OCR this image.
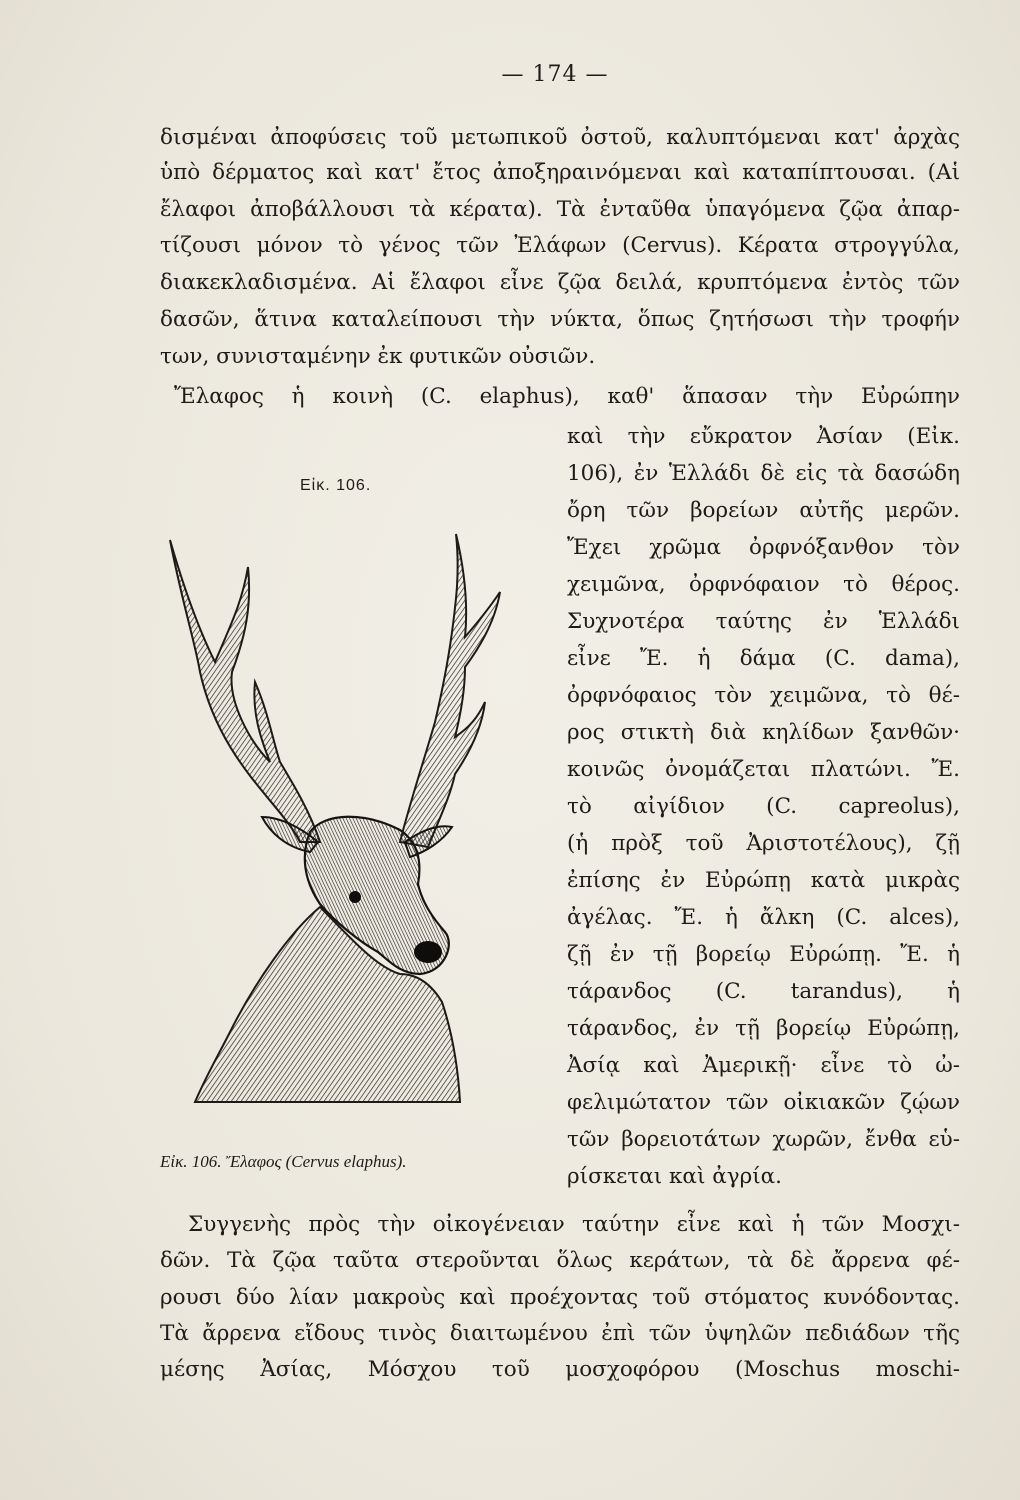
— 174 —
δισμέναι ἀποφύσεις τοῦ μετωπικοῦ ὀστοῦ, καλυπτόμεναι κατ' ἀρχὰς
ὑπὸ δέρματος καὶ κατ' ἔτος ἀποξηραινόμεναι καὶ καταπίπτουσαι. (Αἱ
ἔλαφοι ἀποβάλλουσι τὰ κέρατα). Τὰ ἐνταῦθα ὑπαγόμενα ζῷα ἀπαρ-
τίζουσι μόνον τὸ γένος τῶν Ἐλάφων (Cervus). Κέρατα στρογγύλα,
διακεκλαδισμένα. Αἱ ἔλαφοι εἶνε ζῷα δειλά, κρυπτόμενα ἐντὸς τῶν
δασῶν, ἅτινα καταλείπουσι τὴν νύκτα, ὅπως ζητήσωσι τὴν τροφήν
των, συνισταμένην ἐκ φυτικῶν οὐσιῶν.
Ἔλαφος ἡ κοινὴ (C. elaphus), καθ' ἅπασαν τὴν Εὐρώπην
Εἰκ. 106.
Εἰκ. 106. Ἔλαφος (Cervus elaphus).
καὶ τὴν εὔκρατον Ἀσίαν (Εἰκ.
106), ἐν Ἑλλάδι δὲ εἰς τὰ δασώδη
ὄρη τῶν βορείων αὐτῆς μερῶν.
Ἔχει χρῶμα ὀρφνόξανθον τὸν
χειμῶνα, ὀρφνόφαιον τὸ θέρος.
Συχνοτέρα ταύτης ἐν Ἑλλάδι
εἶνε Ἔ. ἡ δάμα (C. dama),
ὀρφνόφαιος τὸν χειμῶνα, τὸ θέ-
ρος στικτὴ διὰ κηλίδων ξανθῶν·
κοινῶς ὀνομάζεται πλατώνι. Ἔ.
τὸ αἰγίδιον (C. capreolus),
(ἡ πρὸξ τοῦ Ἀριστοτέλους), ζῇ
ἐπίσης ἐν Εὐρώπῃ κατὰ μικρὰς
ἀγέλας. Ἔ. ἡ ἄλκη (C. alces),
ζῇ ἐν τῇ βορείῳ Εὐρώπῃ. Ἔ. ἡ
τάρανδος (C. tarandus), ἡ
τάρανδος, ἐν τῇ βορείῳ Εὐρώπῃ,
Ἀσίᾳ καὶ Ἀμερικῇ· εἶνε τὸ ὠ-
φελιμώτατον τῶν οἰκιακῶν ζῴων
τῶν βορειοτάτων χωρῶν, ἔνθα εὑ-
ρίσκεται καὶ ἀγρία.
Συγγενὴς πρὸς τὴν οἰκογένειαν ταύτην εἶνε καὶ ἡ τῶν Μοσχι-
δῶν. Τὰ ζῷα ταῦτα στεροῦνται ὅλως κεράτων, τὰ δὲ ἄρρενα φέ-
ρουσι δύο λίαν μακροὺς καὶ προέχοντας τοῦ στόματος κυνόδοντας.
Τὰ ἄρρενα εἴδους τινὸς διαιτωμένου ἐπὶ τῶν ὑψηλῶν πεδιάδων τῆς
μέσης Ἀσίας, Μόσχου τοῦ μοσχοφόρου (Moschus moschi-
